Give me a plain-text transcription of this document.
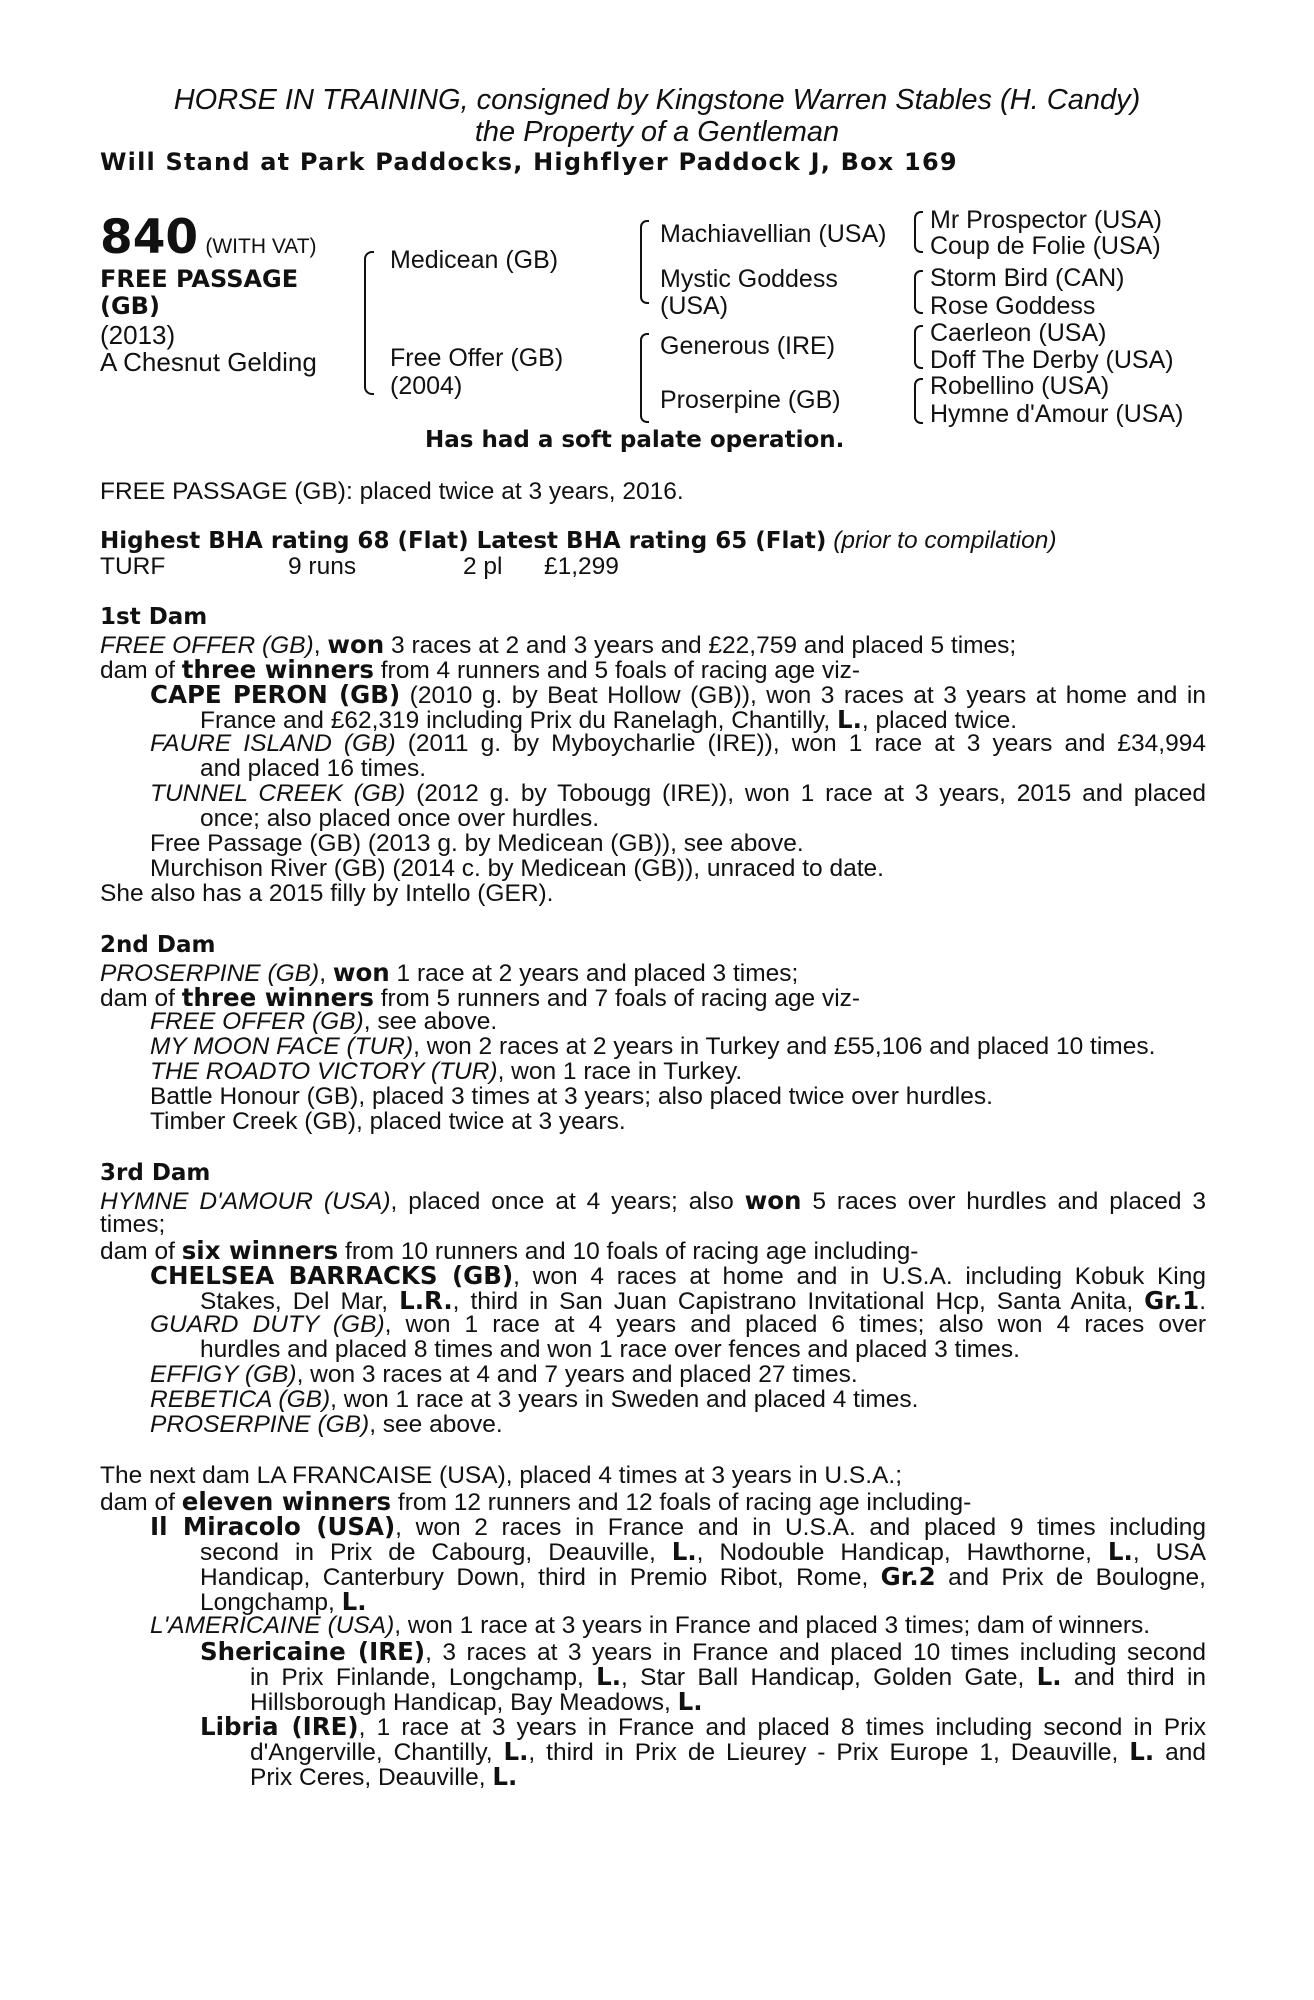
HORSE IN TRAINING, consigned by Kingstone Warren Stables (H. Candy)
the Property of a Gentleman
Will Stand at Park Paddocks, Highflyer Paddock J, Box 169
840 (WITH VAT)
FREE PASSAGE
(GB)
(2013)
A Chesnut Gelding
Medicean (GB)
Free Offer (GB)
(2004)
Machiavellian (USA)
Mystic Goddess
(USA)
Generous (IRE)
Proserpine (GB)
Mr Prospector (USA)
Coup de Folie (USA)
Storm Bird (CAN)
Rose Goddess
Caerleon (USA)
Doff The Derby (USA)
Robellino (USA)
Hymne d'Amour (USA)
Has had a soft palate operation.
FREE PASSAGE (GB): placed twice at 3 years, 2016.
Highest BHA rating 68 (Flat) Latest BHA rating 65 (Flat) (prior to compilation)
TURF	9 runs	2 pl £1,299
1st Dam
FREE OFFER (GB), won 3 races at 2 and 3 years and £22,759 and placed 5 times;
dam of three winners from 4 runners and 5 foals of racing age viz-
CAPE PERON (GB) (2010 g. by Beat Hollow (GB)), won 3 races at 3 years at home and in
France and £62,319 including Prix du Ranelagh, Chantilly, L., placed twice.
FAURE ISLAND (GB) (2011 g. by Myboycharlie (IRE)), won 1 race at 3 years and £34,994
and placed 16 times.
TUNNEL CREEK (GB) (2012 g. by Tobougg (IRE)), won 1 race at 3 years, 2015 and placed
once; also placed once over hurdles.
Free Passage (GB) (2013 g. by Medicean (GB)), see above.
Murchison River (GB) (2014 c. by Medicean (GB)), unraced to date.
She also has a 2015 filly by Intello (GER).
2nd Dam
PROSERPINE (GB), won 1 race at 2 years and placed 3 times;
dam of three winners from 5 runners and 7 foals of racing age viz-
FREE OFFER (GB), see above.
MY MOON FACE (TUR), won 2 races at 2 years in Turkey and £55,106 and placed 10 times.
THE ROADTO VICTORY (TUR), won 1 race in Turkey.
Battle Honour (GB), placed 3 times at 3 years; also placed twice over hurdles.
Timber Creek (GB), placed twice at 3 years.
3rd Dam
HYMNE D'AMOUR (USA), placed once at 4 years; also won 5 races over hurdles and placed 3
times;
dam of six winners from 10 runners and 10 foals of racing age including-
CHELSEA BARRACKS (GB), won 4 races at home and in U.S.A. including Kobuk King
Stakes, Del Mar, L.R., third in San Juan Capistrano Invitational Hcp, Santa Anita, Gr.1.
GUARD DUTY (GB), won 1 race at 4 years and placed 6 times; also won 4 races over
hurdles and placed 8 times and won 1 race over fences and placed 3 times.
EFFIGY (GB), won 3 races at 4 and 7 years and placed 27 times.
REBETICA (GB), won 1 race at 3 years in Sweden and placed 4 times.
PROSERPINE (GB), see above.
The next dam LA FRANCAISE (USA), placed 4 times at 3 years in U.S.A.;
dam of eleven winners from 12 runners and 12 foals of racing age including-
Il Miracolo (USA), won 2 races in France and in U.S.A. and placed 9 times including
second in Prix de Cabourg, Deauville, L., Nodouble Handicap, Hawthorne, L., USA
Handicap, Canterbury Down, third in Premio Ribot, Rome, Gr.2 and Prix de Boulogne,
Longchamp, L.
L'AMERICAINE (USA), won 1 race at 3 years in France and placed 3 times; dam of winners.
Shericaine (IRE), 3 races at 3 years in France and placed 10 times including second
in Prix Finlande, Longchamp, L., Star Ball Handicap, Golden Gate, L. and third in
Hillsborough Handicap, Bay Meadows, L.
Libria (IRE), 1 race at 3 years in France and placed 8 times including second in Prix
d'Angerville, Chantilly, L., third in Prix de Lieurey - Prix Europe 1, Deauville, L. and
Prix Ceres, Deauville, L.
